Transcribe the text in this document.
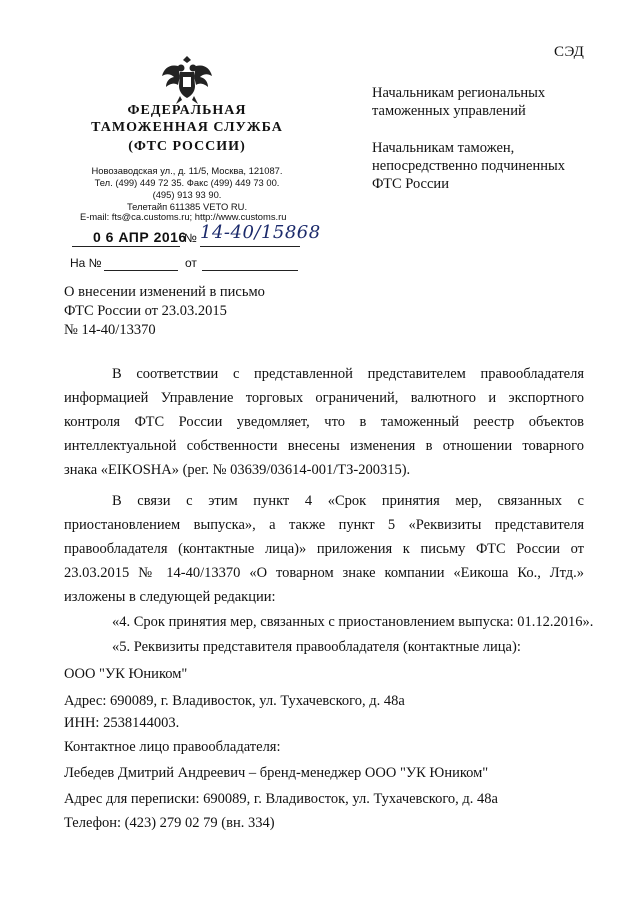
СЭД
ФЕДЕРАЛЬНАЯ
ТАМОЖЕННАЯ СЛУЖБА
(ФТС РОССИИ)
Новозаводская ул., д. 11/5, Москва, 121087.
Тел. (499) 449 72 35. Факс (499) 449 73 00.
(495) 913 93 90.
Телетайп 611385 VETO RU.
E-mail: fts@ca.customs.ru; http://www.customs.ru
0 6 АПР 2016
№ 14-40/15868
На №	от
Начальникам региональных
таможенных управлений
Начальникам таможен,
непосредственно подчиненных
ФТС России
О внесении изменений в письмо
ФТС России от 23.03.2015
№ 14-40/13370
В соответствии с представленной представителем правообладателя
информацией Управление торговых ограничений, валютного и экспортного
контроля ФТС России уведомляет, что в таможенный реестр объектов
интеллектуальной собственности внесены изменения в отношении товарного
знака «EIKOSHA» (рег. № 03639/03614-001/ТЗ-200315).
В связи с этим пункт 4 «Срок принятия мер, связанных с
приостановлением выпуска», а также пункт 5 «Реквизиты представителя
правообладателя (контактные лица)» приложения к письму ФТС России от
23.03.2015 № 14-40/13370 «О товарном знаке компании «Еикоша Ко., Лтд.»
изложены в следующей редакции:
«4. Срок принятия мер, связанных с приостановлением выпуска: 01.12.2016».
«5. Реквизиты представителя правообладателя (контактные лица):
ООО "УК Юником"
Адрес: 690089, г. Владивосток, ул. Тухачевского, д. 48а
ИНН: 2538144003.
Контактное лицо правообладателя:
Лебедев Дмитрий Андреевич – бренд-менеджер ООО "УК Юником"
Адрес для переписки: 690089, г. Владивосток, ул. Тухачевского, д. 48а
Телефон: (423) 279 02 79 (вн. 334)
